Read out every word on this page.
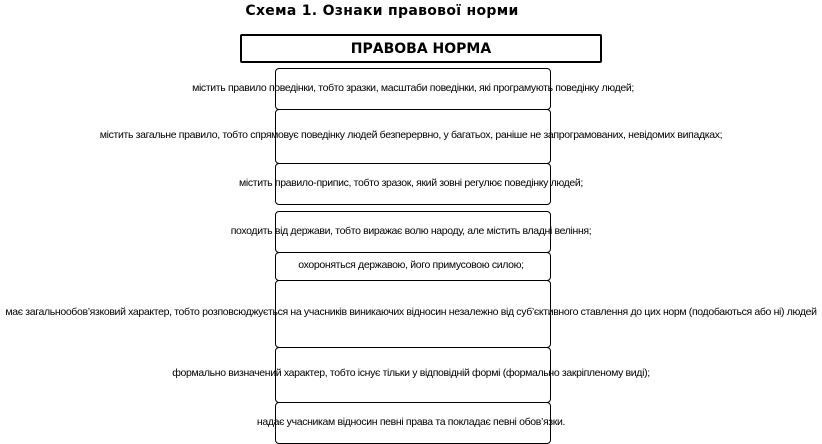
Схема 1. Ознаки правової норми
ПРАВОВА НОРМА
містить правило поведінки, тобто зразки, масштаби поведінки, які програмують поведінку людей;
містить загальне правило, тобто спрямовує поведінку людей безперервно, у багатьох, раніше не запрограмованих, невідомих випадках;
містить правило-припис, тобто зразок, який зовні регулює поведінку людей;
походить від держави, тобто виражає волю народу, але містить владні веління;
охороняться державою, його примусовою силою;
має загальнообов’язковий характер, тобто розповсюджується на учасників виникаючих відносин незалежно від суб’єктивного ставлення до цих норм (подобаються або ні) людей
формально визначений характер, тобто існує тільки у відповідній формі (формально закріпленому виді);
надає учасникам відносин певні права та покладає певні обов’язки.
